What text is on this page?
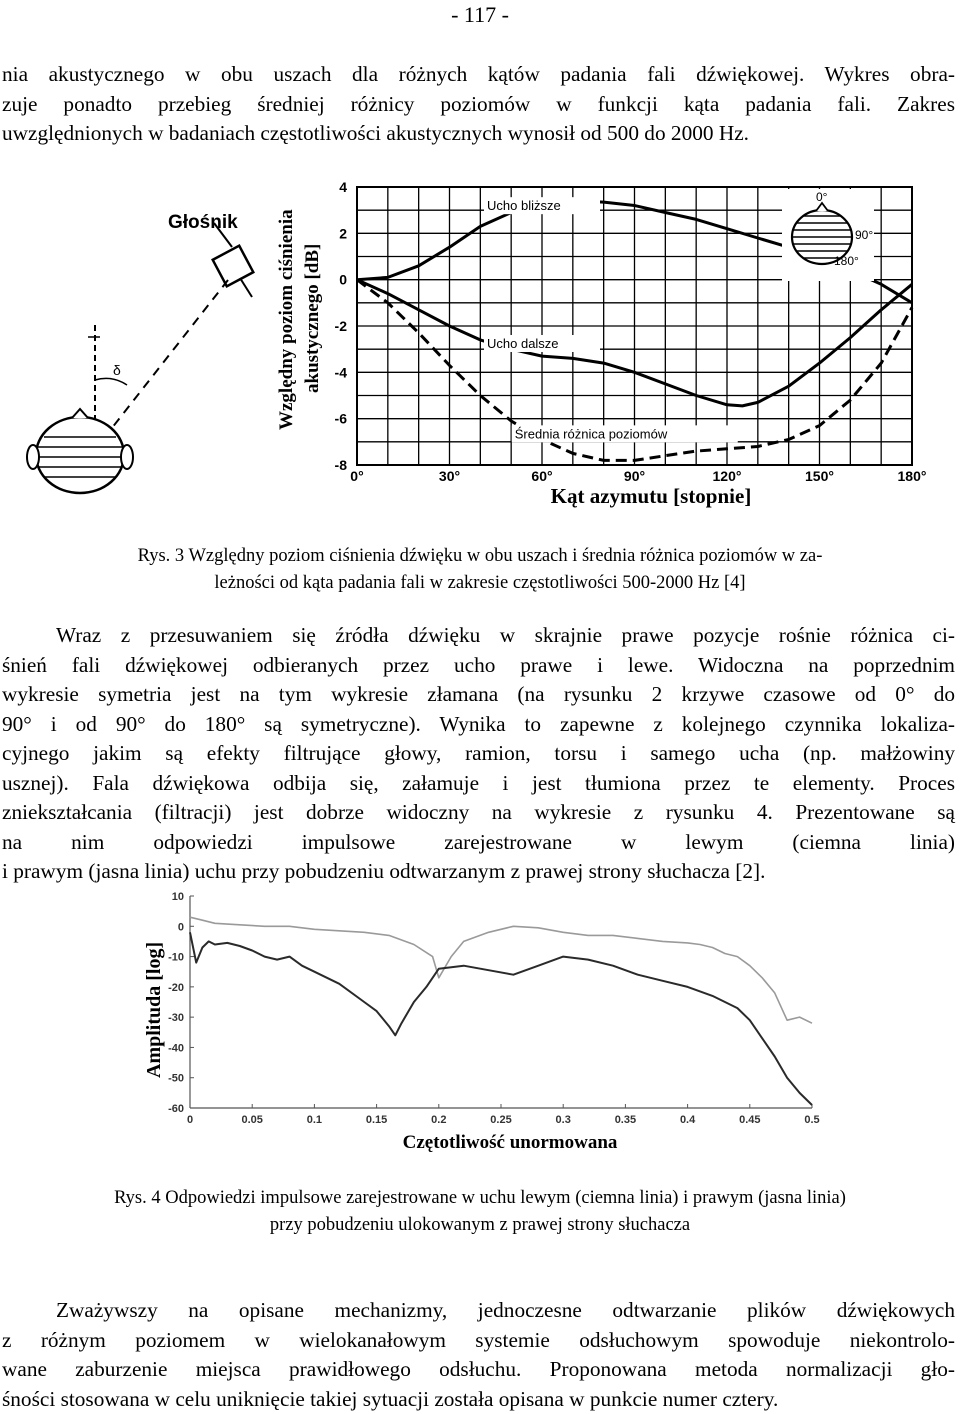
- 117 -
nia akustycznego w obu uszach dla różnych kątów padania fali dźwiękowej. Wykres obra-
zuje ponadto przebieg średniej różnicy poziomów w funkcji kąta padania fali. Zakres
uwzględnionych w badaniach częstotliwości akustycznych wynosił od 500 do 2000 Hz.
Głośnik
δ	Względny poziom ciśnienia akustycznego [dB]
4
2
0
-2
-4
-6
-8
0°	30°	60°	90°	120°	150°	180°
Ucho bliższe
Ucho dalsze
Średnia różnica poziomów
0°
90°
180°
Kąt azymutu [stopnie]
Rys. 3 Względny poziom ciśnienia dźwięku w obu uszach i średnia różnica poziomów w za-
leżności od kąta padania fali w zakresie częstotliwości 500-2000 Hz [4]
Wraz z przesuwaniem się źródła dźwięku w skrajnie prawe pozycje rośnie różnica ci-
śnień fali dźwiękowej odbieranych przez ucho prawe i lewe. Widoczna na poprzednim
wykresie symetria jest na tym wykresie złamana (na rysunku 2 krzywe czasowe od 0° do
90° i od 90° do 180° są symetryczne). Wynika to zapewne z kolejnego czynnika lokaliza-
cyjnego jakim są efekty filtrujące głowy, ramion, torsu i samego ucha (np. małżowiny
usznej). Fala dźwiękowa odbija się, załamuje i jest tłumiona przez te elementy. Proces
zniekształcania (filtracji) jest dobrze widoczny na wykresie z rysunku 4. Prezentowane są
na nim odpowiedzi impulsowe zarejestrowane w lewym (ciemna linia)
i prawym (jasna linia) uchu przy pobudzeniu odtwarzanym z prawej strony słuchacza [2].
Amplituda [log]
10
0
-10
-20
-30
-40
-50
-60
0	0.05	0.1	0.15	0.2	0.25	0.3	0.35	0.4	0.45	0.5
Czętotliwość unormowana
Rys. 4 Odpowiedzi impulsowe zarejestrowane w uchu lewym (ciemna linia) i prawym (jasna linia)
przy pobudzeniu ulokowanym z prawej strony słuchacza
Zważywszy na opisane mechanizmy, jednoczesne odtwarzanie plików dźwiękowych
z różnym poziomem w wielokanałowym systemie odsłuchowym spowoduje niekontrolo-
wane zaburzenie miejsca prawidłowego odsłuchu. Proponowana metoda normalizacji gło-
śności stosowana w celu uniknięcie takiej sytuacji została opisana w punkcie numer cztery.
